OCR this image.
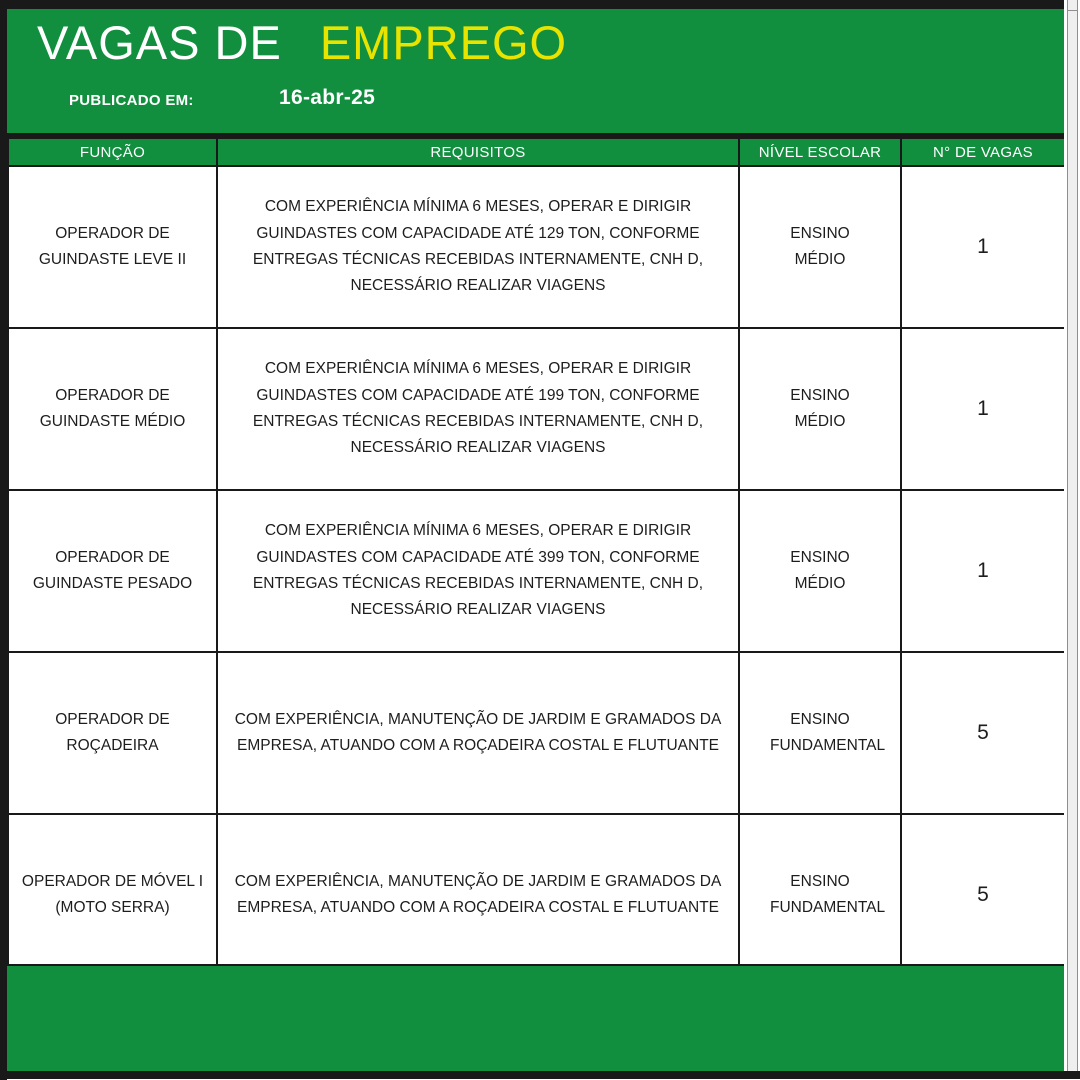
VAGAS DE EMPREGO
PUBLICADO EM:	16-abr-25
FUNÇÃO	REQUISITOS	NÍVEL ESCOLAR	N° DE VAGAS
OPERADOR DE GUINDASTE LEVE II	COM EXPERIÊNCIA MÍNIMA 6 MESES, OPERAR E DIRIGIR GUINDASTES COM CAPACIDADE ATÉ 129 TON, CONFORME ENTREGAS TÉCNICAS RECEBIDAS INTERNAMENTE, CNH D, NECESSÁRIO REALIZAR VIAGENS	ENSINO MÉDIO	1
OPERADOR DE GUINDASTE MÉDIO	COM EXPERIÊNCIA MÍNIMA 6 MESES, OPERAR E DIRIGIR GUINDASTES COM CAPACIDADE ATÉ 199 TON, CONFORME ENTREGAS TÉCNICAS RECEBIDAS INTERNAMENTE, CNH D, NECESSÁRIO REALIZAR VIAGENS	ENSINO MÉDIO	1
OPERADOR DE GUINDASTE PESADO	COM EXPERIÊNCIA MÍNIMA 6 MESES, OPERAR E DIRIGIR GUINDASTES COM CAPACIDADE ATÉ 399 TON, CONFORME ENTREGAS TÉCNICAS RECEBIDAS INTERNAMENTE, CNH D, NECESSÁRIO REALIZAR VIAGENS	ENSINO MÉDIO	1
OPERADOR DE ROÇADEIRA	COM EXPERIÊNCIA, MANUTENÇÃO DE JARDIM E GRAMADOS DA EMPRESA, ATUANDO COM A ROÇADEIRA COSTAL E FLUTUANTE	ENSINO FUNDAMENTAL	5
OPERADOR DE MÓVEL I (MOTO SERRA)	COM EXPERIÊNCIA, MANUTENÇÃO DE JARDIM E GRAMADOS DA EMPRESA, ATUANDO COM A ROÇADEIRA COSTAL E FLUTUANTE	ENSINO FUNDAMENTAL	5
